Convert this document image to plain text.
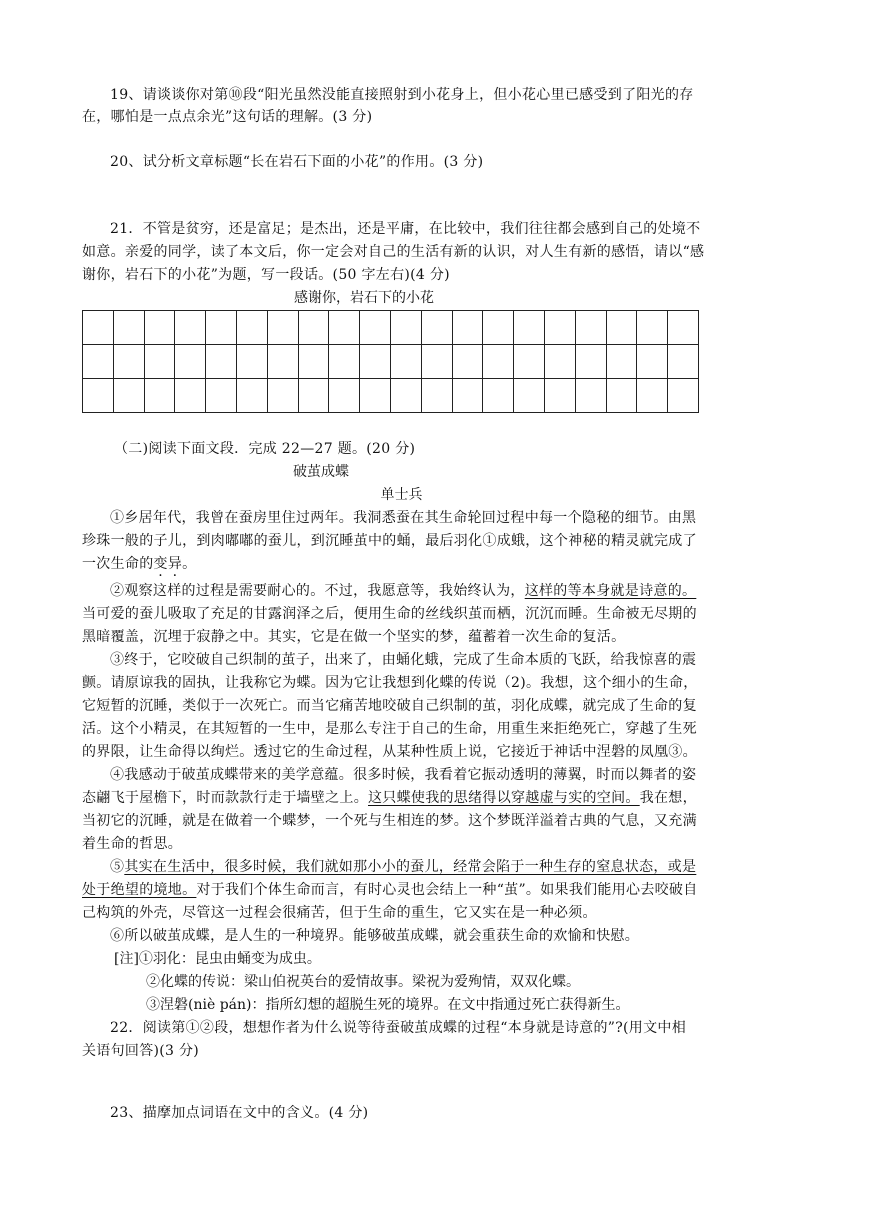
19、请谈谈你对第⑩段“阳光虽然没能直接照射到小花身上，但小花心里已感受到了阳光的存

在，哪怕是一点点余光”这句话的理解。(3 分)

20、试分析文章标题“长在岩石下面的小花”的作用。(3 分)

21．不管是贫穷，还是富足；是杰出，还是平庸，在比较中，我们往往都会感到自己的处境不

如意。亲爱的同学，读了本文后，你一定会对自己的生活有新的认识，对人生有新的感悟，请以“感

谢你，岩石下的小花”为题，写一段话。(50 字左右)(4 分)

感谢你，岩石下的小花

（二)阅读下面文段．完成 22—27 题。(20 分)

破茧成蝶

单士兵

①乡居年代，我曾在蚕房里住过两年。我洞悉蚕在其生命轮回过程中每一个隐秘的细节。由黑

珍珠一般的子儿，到肉嘟嘟的蚕儿，到沉睡茧中的蛹，最后羽化①成蛾，这个神秘的精灵就完成了

一次生命的变异。

②观察这样的过程是需要耐心的。不过，我愿意等，我始终认为，这样的等本身就是诗意的。

当可爱的蚕儿吸取了充足的甘露润泽之后，便用生命的丝线织茧而栖，沉沉而睡。生命被无尽期的

黑暗覆盖，沉埋于寂静之中。其实，它是在做一个坚实的梦，蕴蓄着一次生命的复活。

③终于，它咬破自己织制的茧子，出来了，由蛹化蛾，完成了生命本质的飞跃，给我惊喜的震

颤。请原谅我的固执，让我称它为蝶。因为它让我想到化蝶的传说（2)。我想，这个细小的生命，

它短暂的沉睡，类似于一次死亡。而当它痛苦地咬破自己织制的茧，羽化成蝶，就完成了生命的复

活。这个小精灵，在其短暂的一生中，是那么专注于自己的生命，用重生来拒绝死亡，穿越了生死

的界限，让生命得以绚烂。透过它的生命过程，从某种性质上说，它接近于神话中涅磐的凤凰③。

④我感动于破茧成蝶带来的美学意蕴。很多时候，我看着它振动透明的薄翼，时而以舞者的姿

态翩飞于屋檐下，时而款款行走于墙壁之上。这只蝶使我的思绪得以穿越虚与实的空间。我在想，

当初它的沉睡，就是在做着一个蝶梦，一个死与生相连的梦。这个梦既洋溢着古典的气息，又充满

着生命的哲思。

⑤其实在生活中，很多时候，我们就如那小小的蚕儿，经常会陷于一种生存的窒息状态，或是

处于绝望的境地。对于我们个体生命而言，有时心灵也会结上一种“茧”。如果我们能用心去咬破自

己构筑的外壳，尽管这一过程会很痛苦，但于生命的重生，它又实在是一种必须。

⑥所以破茧成蝶，是人生的一种境界。能够破茧成蝶，就会重获生命的欢愉和快慰。

[注]①羽化：昆虫由蛹变为成虫。

②化蝶的传说：梁山伯祝英台的爱情故事。梁祝为爱殉情，双双化蝶。

③涅磐(niè pán)：指所幻想的超脱生死的境界。在文中指通过死亡获得新生。

22．阅读第①②段，想想作者为什么说等待蚕破茧成蝶的过程“本身就是诗意的”?(用文中相

关语句回答)(3 分)

23、描摩加点词语在文中的含义。(4 分)
